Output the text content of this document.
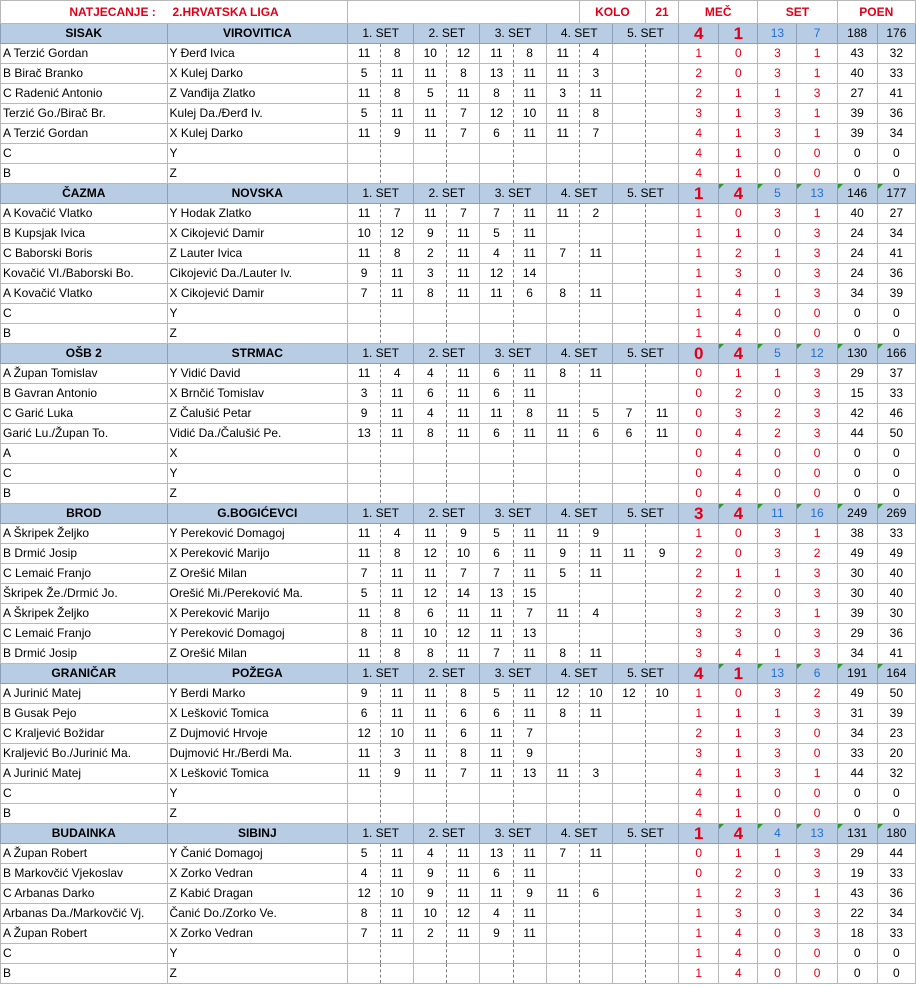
NATJECANJE : 2.HRVATSKA LIGA									KOLO		21	MEČ		SET		POEN	
SISAK	VIROVITICA	1. SET		2. SET		3. SET		4. SET		5. SET		4	1	13	7	188	176
A Terzić Gordan	Y Đerđ Ivica	11	8	10	12	11	8	11	4			1	0	3	1	43	32
B Birač Branko	X Kulej Darko	5	11	11	8	13	11	11	3			2	0	3	1	40	33
C Radenić Antonio	Z Vanđija Zlatko	11	8	5	11	8	11	3	11			2	1	1	3	27	41
Terzić Go./Birač Br.	Kulej Da./Đerđ Iv.	5	11	11	7	12	10	11	8			3	1	3	1	39	36
A Terzić Gordan	X Kulej Darko	11	9	11	7	6	11	11	7			4	1	3	1	39	34
C	Y											4	1	0	0	0	0
B	Z											4	1	0	0	0	0
ČAZMA	NOVSKA	1. SET		2. SET		3. SET		4. SET		5. SET		1	4	5	13	146	177
A Kovačić Vlatko	Y Hodak Zlatko	11	7	11	7	7	11	11	2			1	0	3	1	40	27
B Kupsjak Ivica	X Cikojević Damir	10	12	9	11	5	11					1	1	0	3	24	34
C Baborski Boris	Z Lauter Ivica	11	8	2	11	4	11	7	11			1	2	1	3	24	41
Kovačić Vl./Baborski Bo.	Cikojević Da./Lauter Iv.	9	11	3	11	12	14					1	3	0	3	24	36
A Kovačić Vlatko	X Cikojević Damir	7	11	8	11	11	6	8	11			1	4	1	3	34	39
C	Y											1	4	0	0	0	0
B	Z											1	4	0	0	0	0
OŠB 2	STRMAC	1. SET		2. SET		3. SET		4. SET		5. SET		0	4	5	12	130	166
A Župan Tomislav	Y Vidić David	11	4	4	11	6	11	8	11			0	1	1	3	29	37
B Gavran Antonio	X Brnčić Tomislav	3	11	6	11	6	11					0	2	0	3	15	33
C Garić Luka	Z Čalušić Petar	9	11	4	11	11	8	11	5	7	11	0	3	2	3	42	46
Garić Lu./Župan To.	Vidić Da./Čalušić Pe.	13	11	8	11	6	11	11	6	6	11	0	4	2	3	44	50
A	X											0	4	0	0	0	0
C	Y											0	4	0	0	0	0
B	Z											0	4	0	0	0	0
BROD	G.BOGIĆEVCI	1. SET		2. SET		3. SET		4. SET		5. SET		3	4	11	16	249	269
A Škripek Željko	Y Pereković Domagoj	11	4	11	9	5	11	11	9			1	0	3	1	38	33
B Drmić Josip	X Pereković Marijo	11	8	12	10	6	11	9	11	11	9	2	0	3	2	49	49
C Lemaić Franjo	Z Orešić Milan	7	11	11	7	7	11	5	11			2	1	1	3	30	40
Škripek Že./Drmić Jo.	Orešić Mi./Pereković Ma.	5	11	12	14	13	15					2	2	0	3	30	40
A Škripek Željko	X Pereković Marijo	11	8	6	11	11	7	11	4			3	2	3	1	39	30
C Lemaić Franjo	Y Pereković Domagoj	8	11	10	12	11	13					3	3	0	3	29	36
B Drmić Josip	Z Orešić Milan	11	8	8	11	7	11	8	11			3	4	1	3	34	41
GRANIČAR	POŽEGA	1. SET		2. SET		3. SET		4. SET		5. SET		4	1	13	6	191	164
A Jurinić Matej	Y Berdi Marko	9	11	11	8	5	11	12	10	12	10	1	0	3	2	49	50
B Gusak Pejo	X Lešković Tomica	6	11	11	6	6	11	8	11			1	1	1	3	31	39
C Kraljević Božidar	Z Dujmović Hrvoje	12	10	11	6	11	7					2	1	3	0	34	23
Kraljević Bo./Jurinić Ma.	Dujmović Hr./Berdi Ma.	11	3	11	8	11	9					3	1	3	0	33	20
A Jurinić Matej	X Lešković Tomica	11	9	11	7	11	13	11	3			4	1	3	1	44	32
C	Y											4	1	0	0	0	0
B	Z											4	1	0	0	0	0
BUDAINKA	SIBINJ	1. SET		2. SET		3. SET		4. SET		5. SET		1	4	4	13	131	180
A Župan Robert	Y Čanić Domagoj	5	11	4	11	13	11	7	11			0	1	1	3	29	44
B Markovčić Vjekoslav	X Zorko Vedran	4	11	9	11	6	11					0	2	0	3	19	33
C Arbanas Darko	Z Kabić Dragan	12	10	9	11	11	9	11	6			1	2	3	1	43	36
Arbanas Da./Markovčić Vj.	Čanić Do./Zorko Ve.	8	11	10	12	4	11					1	3	0	3	22	34
A Župan Robert	X Zorko Vedran	7	11	2	11	9	11					1	4	0	3	18	33
C	Y											1	4	0	0	0	0
B	Z											1	4	0	0	0	0
